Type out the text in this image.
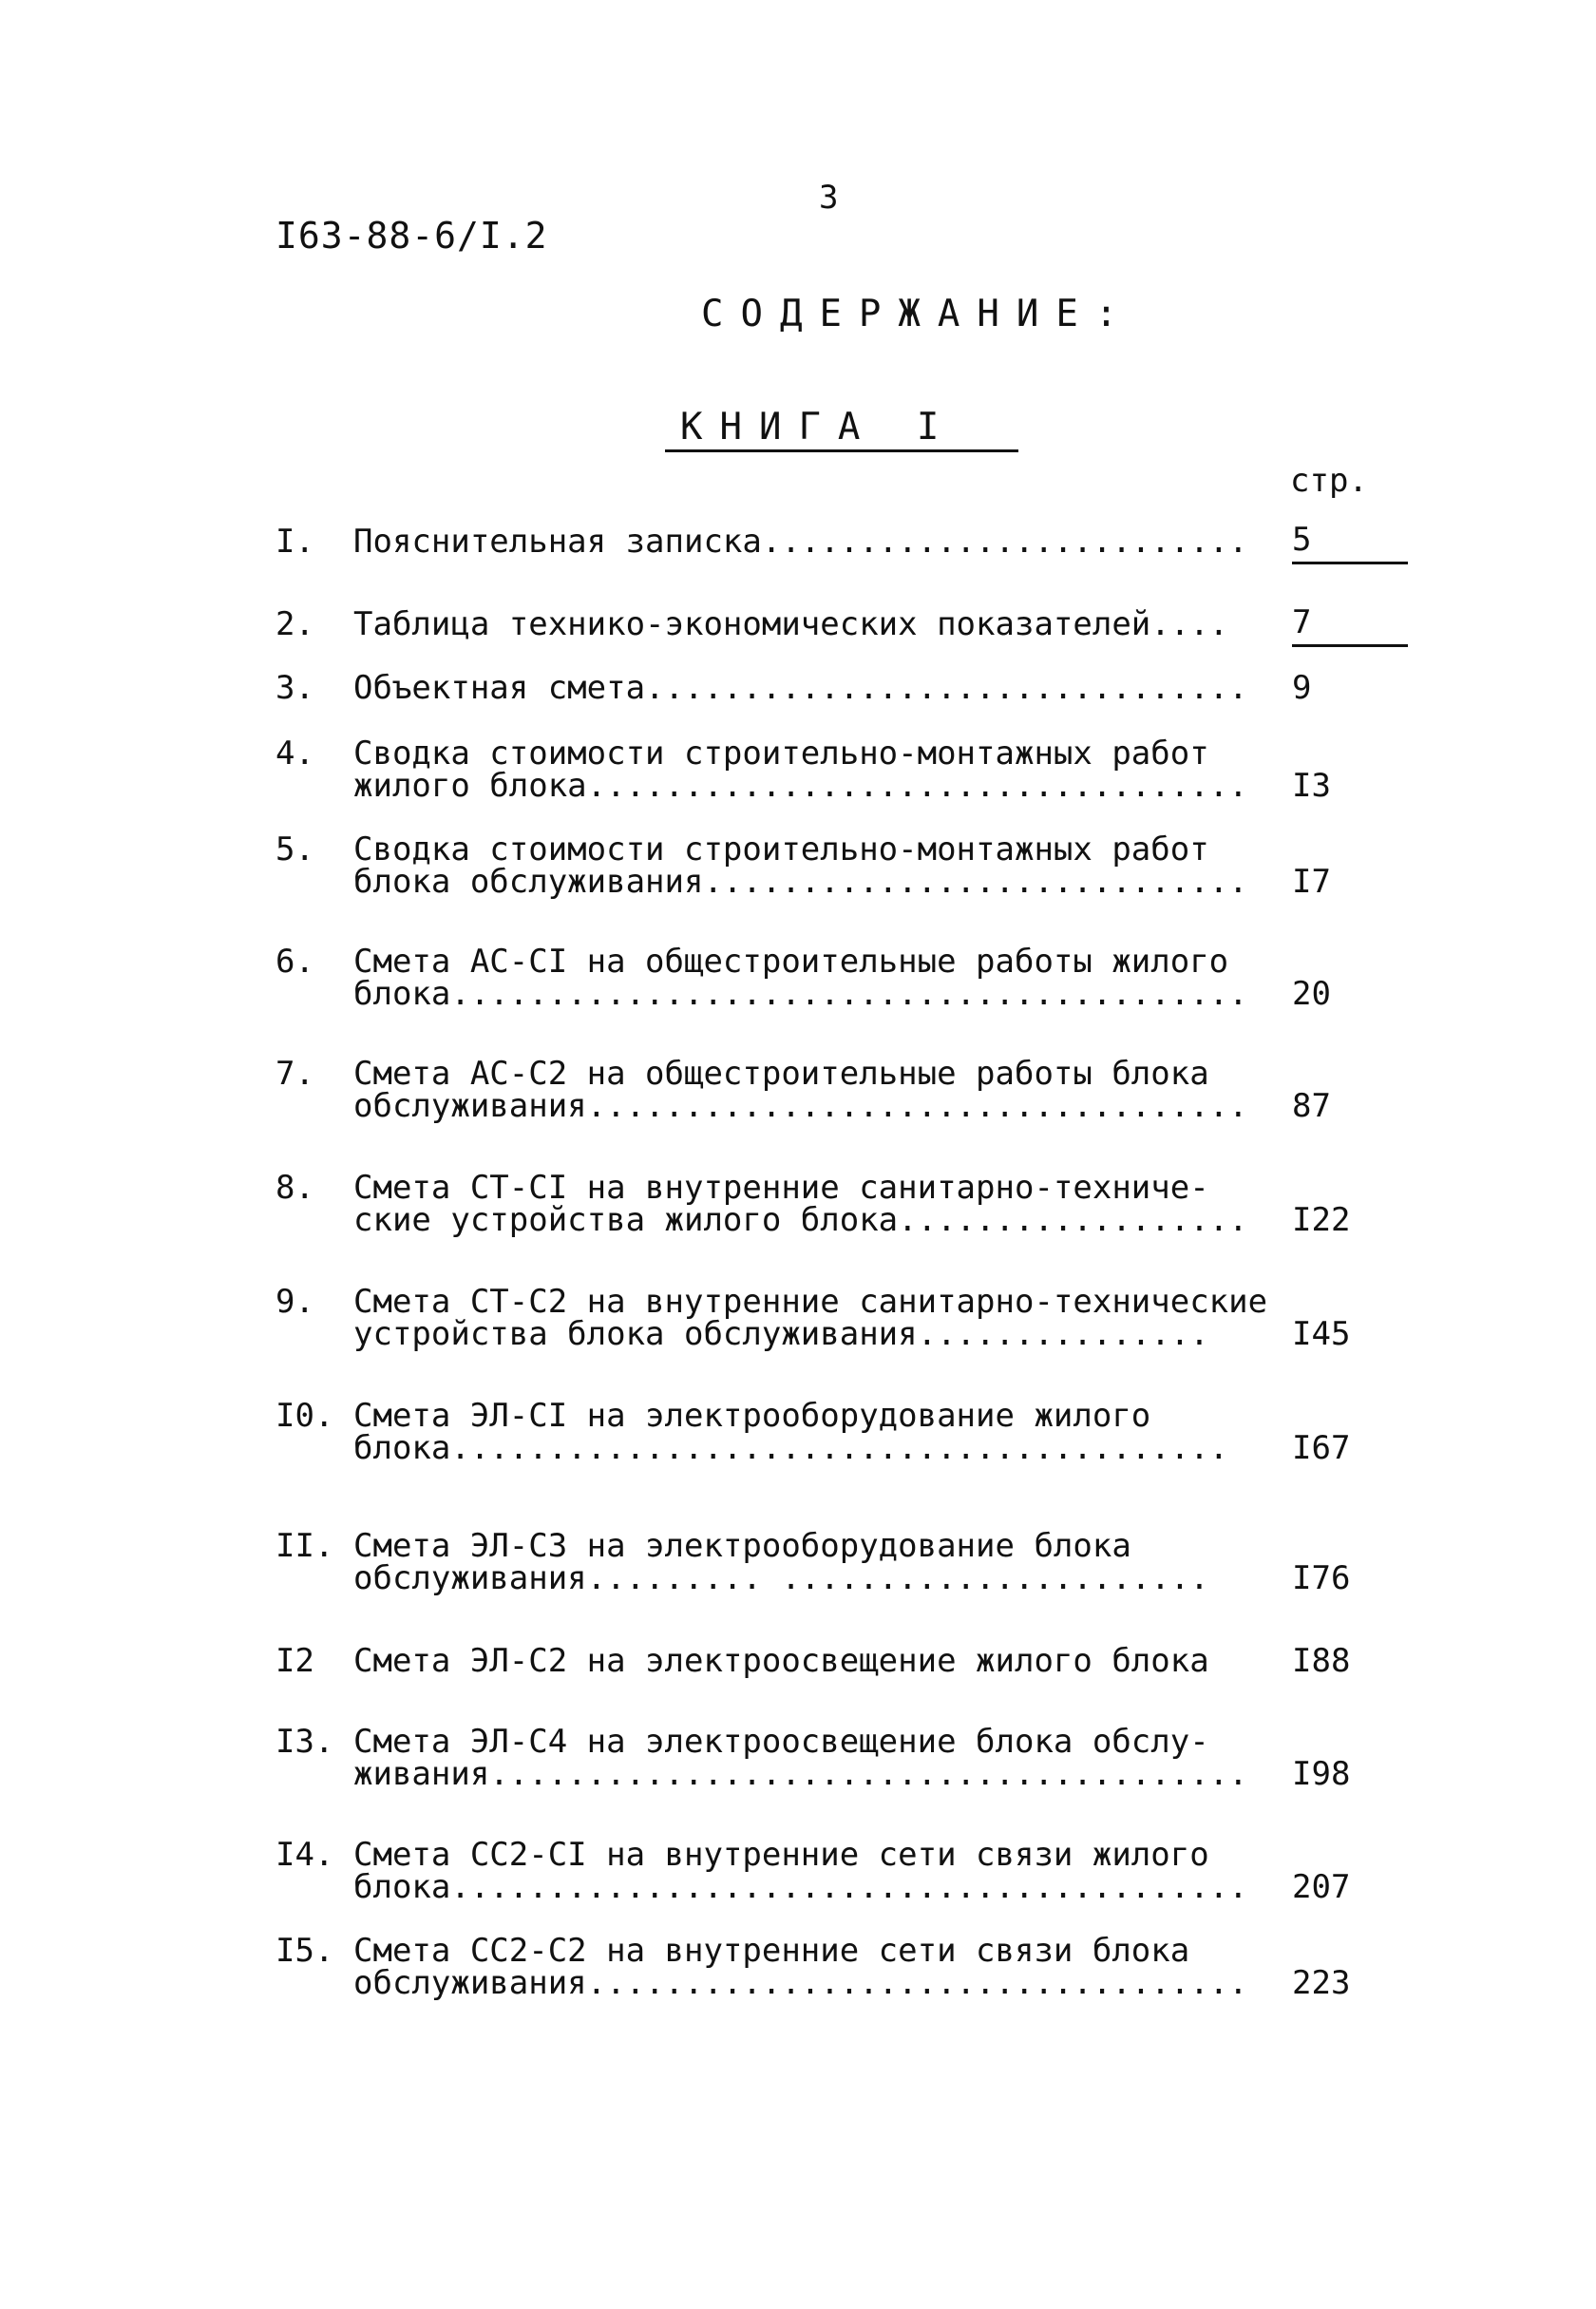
I63-88-6/I.2
3
СОДЕРЖАНИЕ:
КНИГА I
стр.
I.	Пояснительная записка.........................	5
2.	Таблица технико-экономических показателей....	7
3.	Объектная смета...............................	9
4.	Сводка стоимости строительно-монтажных работ
жилого блока..................................	I3
5.	Сводка стоимости строительно-монтажных работ
блока обслуживания............................	I7
6.	Смета АС-СI на общестроительные работы жилого
блока.........................................	20
7.	Смета АС-С2 на общестроительные работы блока
обслуживания..................................	87
8.	Смета СТ-СI на внутренние санитарно-техниче-
ские устройства жилого блока..................	I22
9.	Смета СТ-С2 на внутренние санитарно-технические
устройства блока обслуживания...............	I45
I0. Смета ЭЛ-СI на электрооборудование жилого
блока........................................	I67
II. Смета ЭЛ-С3 на электрооборудование блока
обслуживания......... ......................	I76
I2	Смета ЭЛ-С2 на электроосвещение жилого блока	I88
I3. Смета ЭЛ-С4 на электроосвещение блока обслу-
живания.......................................	I98
I4. Смета СС2-СI на внутренние сети связи жилого
блока.........................................	207
I5. Смета СС2-С2 на внутренние сети связи блока
обслуживания..................................	223
